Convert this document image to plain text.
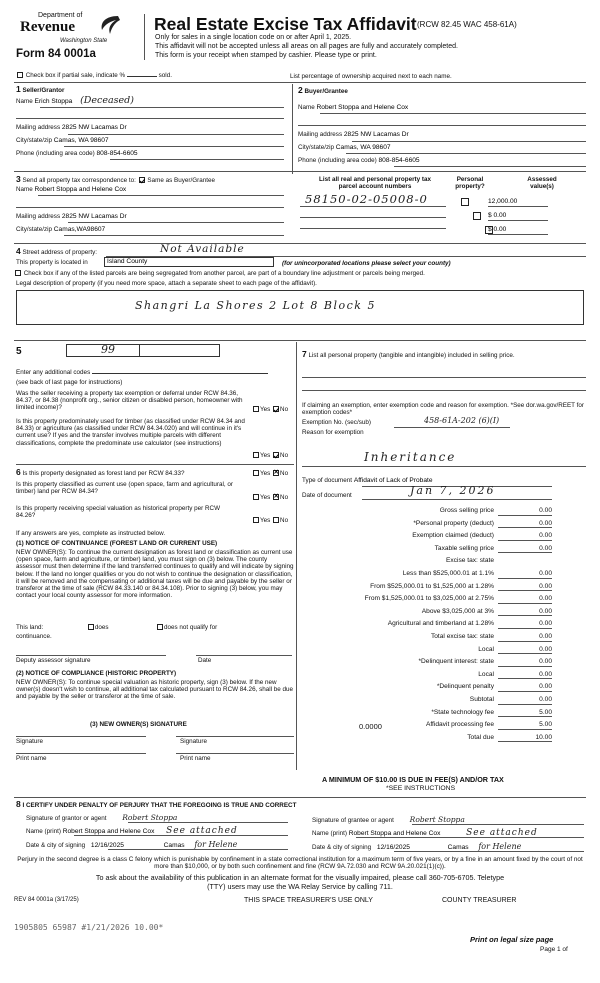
Department of
Revenue
Washington State
Form 84 0001a
Real Estate Excise Tax Affidavit (RCW 82.45 WAC 458-61A)
Only for sales in a single location code on or after April 1, 2025.
This affidavit will not be accepted unless all areas on all pages are fully and accurately completed.
This form is your receipt when stamped by cashier. Please type or print.
Check box if partial sale, indicate %	sold.	List percentage of ownership acquired next to each name.
1 Seller/Grantor
Name Erich Stoppa (Deceased)
Mailing address 2825 NW Lacamas Dr
City/state/zip Camas, WA 98607
Phone (including area code) 808-854-6605
2 Buyer/Grantee
Name Robert Stoppa and Helene Cox
Mailing address 2825 NW Lacamas Dr
City/state/zip Camas, WA 98607
Phone (including area code) 808-854-6605
3 Send all property tax correspondence to: Same as Buyer/Grantee
Name Robert Stoppa and Helene Cox
Mailing address 2825 NW Lacamas Dr
City/state/zip Camas,WA98607
List all real and personal property tax
parcel account numbers
Personal
property?
Assessed
value(s)
58150-02-05008-0
	12,000.00
$ 0.00
$ 0.00
4 Street address of property:	Not Available
This property is located in	Island County	(for unincorporated locations please select your county)
Check box if any of the listed parcels are being segregated from another parcel, are part of a boundary line adjustment or parcels being merged.
Legal description of property (if you need more space, attach a separate sheet to each page of the affidavit).
Shangri La Shores 2 Lot 8 Block 5
5	99
Enter any additional codes
(see back of last page for instructions)
Was the seller receiving a property tax exemption or deferral under RCW 84.36, 84.37, or 84.38 (nonprofit org., senior citizen or disabled person, homeowner with limited income)?	Yes No
Is this property predominately used for timber (as classified under RCW 84.34 and 84.33) or agriculture (as classified under RCW 84.34.020) and will continue in it's current use? If yes and the transfer involves multiple parcels with different classifications, complete the predominate use calculator (see instructions)
Yes No
6 Is this property designated as forest land per RCW 84.33?	Yes ✕ No
Is this property classified as current use (open space, farm and agricultural, or timber) land per RCW 84.34?
Yes ✕ No
Is this property receiving special valuation as historical property per RCW 84.26?
Yes No
If any answers are yes, complete as instructed below.
(1) NOTICE OF CONTINUANCE (FOREST LAND OR CURRENT USE)
NEW OWNER(S): To continue the current designation as forest land or classification as current use (open space, farm and agriculture, or timber) land, you must sign on (3) below. The county assessor must then determine if the land transferred continues to qualify and will indicate by signing below. If the land no longer qualifies or you do not wish to continue the designation or classification, it will be removed and the compensating or additional taxes will be due and payable by the seller or transferor at the time of sale (RCW 84.33.140 or 84.34.108). Prior to signing (3) below, you may contact your local county assessor for more information.
This land:	does	does not qualify for
continuance.
Deputy assessor signature	Date
(2) NOTICE OF COMPLIANCE (HISTORIC PROPERTY)
NEW OWNER(S): To continue special valuation as historic property, sign (3) below. If the new owner(s) doesn't wish to continue, all additional tax calculated pursuant to RCW 84.26, shall be due and payable by the seller or transferor at the time of sale.
(3) NEW OWNER(S) SIGNATURE
Signature	Signature
Print name	Print name
7 List all personal property (tangible and intangible) included in selling price.
If claiming an exemption, enter exemption code and reason for exemption. *See dor.wa.gov/REET for exemption codes*
Exemption No. (sec/sub)	458-61A-202 (6)(I)
Reason for exemption
Inheritance
Type of document Affidavit of Lack of Probate
Date of document	Jan 7, 2026
Gross selling price	0.00
*Personal property (deduct)	0.00
Exemption claimed (deduct)	0.00
Taxable selling price	0.00
Excise tax: state
Less than $525,000.01 at 1.1%	0.00
From $525,000.01 to $1,525,000 at 1.28%	0.00
From $1,525,000.01 to $3,025,000 at 2.75%	0.00
Above $3,025,000 at 3%	0.00
Agricultural and timberland at 1.28%	0.00
Total excise tax: state	0.00
Local	0.00
*Delinquent interest: state	0.00
Local	0.00
*Delinquent penalty	0.00
Subtotal	0.00
*State technology fee	5.00
Affidavit processing fee	5.00
Total due	10.00
0.0000
A MINIMUM OF $10.00 IS DUE IN FEE(S) AND/OR TAX
*SEE INSTRUCTIONS
8 I CERTIFY UNDER PENALTY OF PERJURY THAT THE FOREGOING IS TRUE AND CORRECT
Signature of grantor or agent Robert Stoppa
Name (print) Robert Stoppa and Helene Cox See attached
Date & city of signing 12/16/2025	Camas for Helene
Signature of grantee or agent Robert Stoppa
Name (print) Robert Stoppa and Helene Cox	See attached
Date & city of signing 12/16/2025	Camas for Helene
Perjury in the second degree is a class C felony which is punishable by confinement in a state correctional institution for a maximum term of five years, or by a fine in an amount fixed by the court of not more than $10,000, or by both such confinement and fine (RCW 9A.72.030 and RCW 9A.20.021(1)(c)).
To ask about the availability of this publication in an alternate format for the visually impaired, please call 360-705-6705. Teletype
(TTY) users may use the WA Relay Service by calling 711.
REV 84 0001a (3/17/25)	THIS SPACE TREASURER'S USE ONLY	COUNTY TREASURER
1905805 65987 #1/21/2026 10.00*
Print on legal size page
Page 1 of
